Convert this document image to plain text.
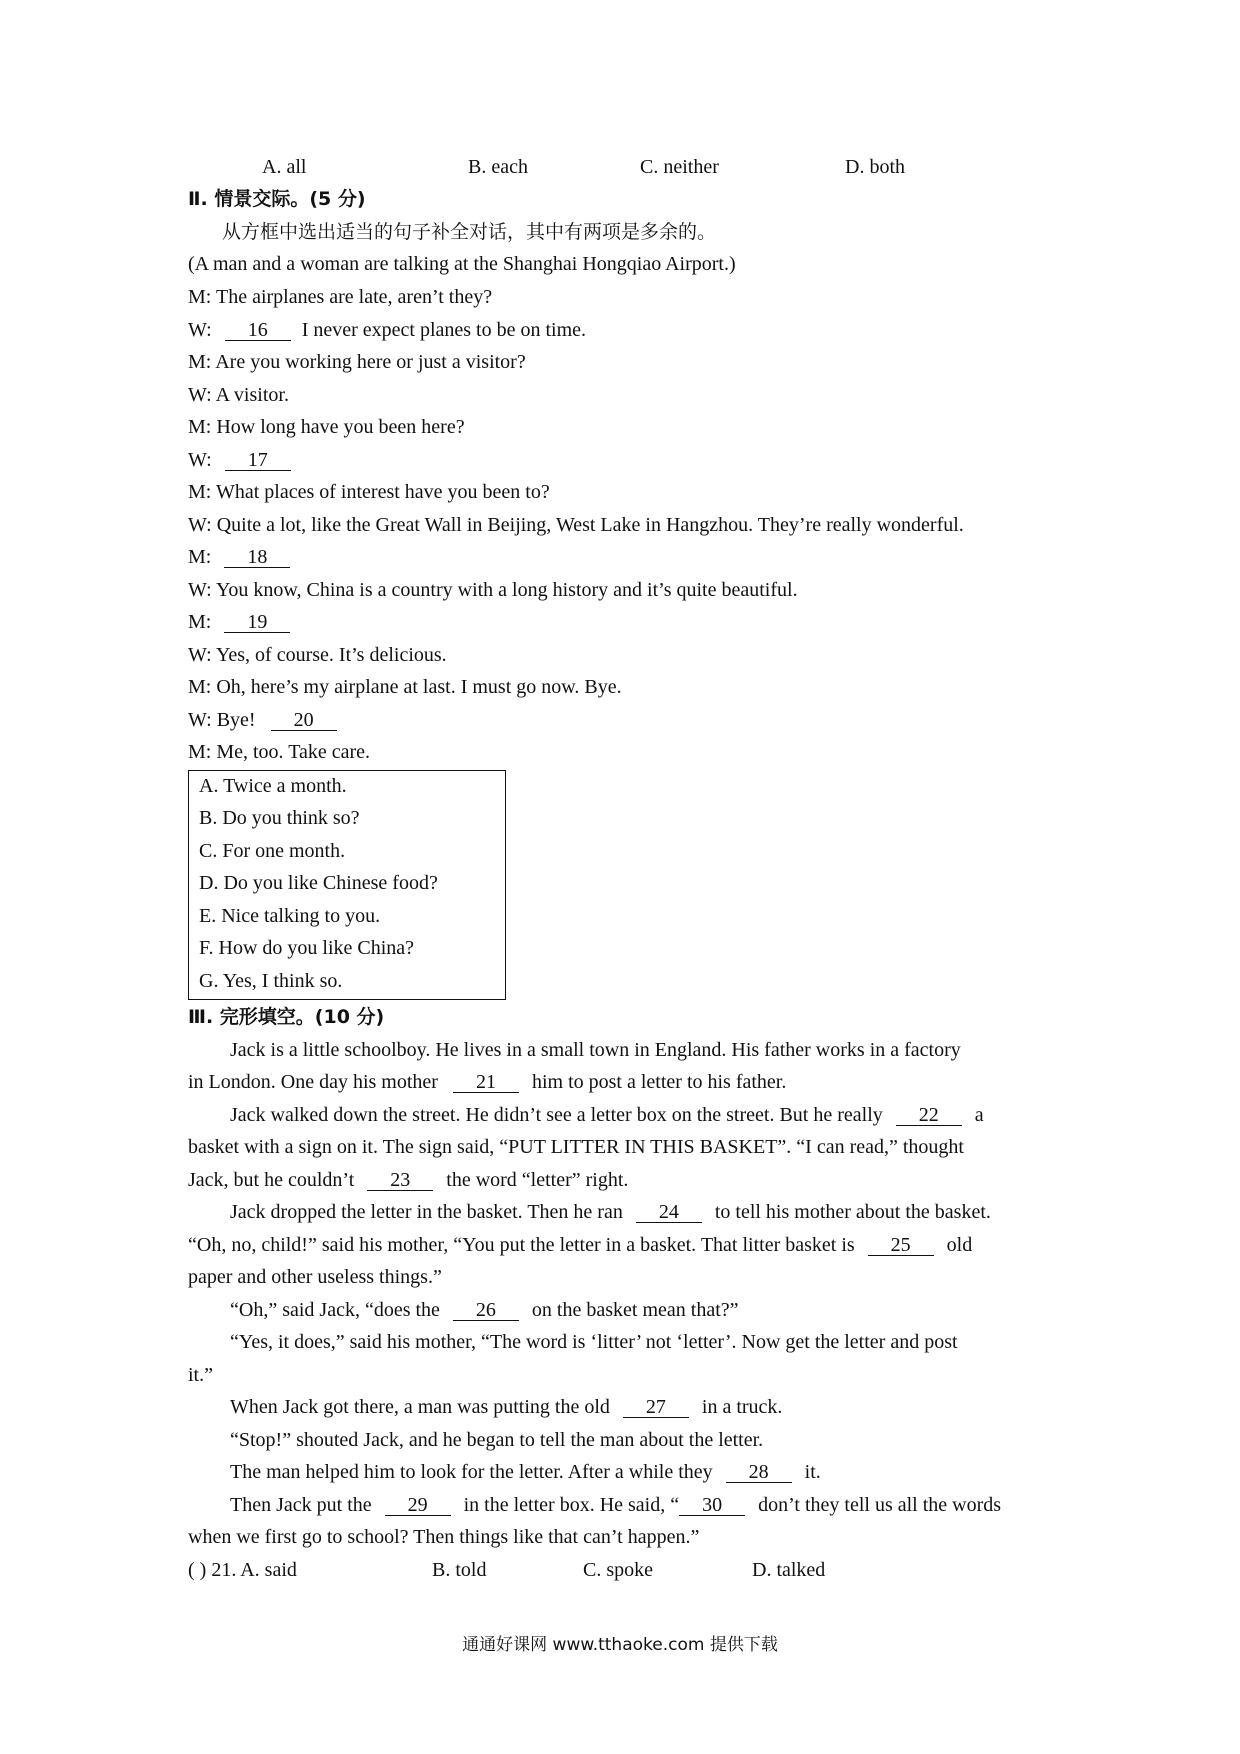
A. all	B. each	C. neither	D. both
Ⅱ. 情景交际。(5 分)
从方框中选出适当的句子补全对话，其中有两项是多余的。
(A man and a woman are talking at the Shanghai Hongqiao Airport.)
M: The airplanes are late, aren’t they?
W: 16 I never expect planes to be on time.
M: Are you working here or just a visitor?
W: A visitor.
M: How long have you been here?
W: 17
M: What places of interest have you been to?
W: Quite a lot, like the Great Wall in Beijing, West Lake in Hangzhou. They’re really wonderful.
M: 18
W: You know, China is a country with a long history and it’s quite beautiful.
M: 19
W: Yes, of course. It’s delicious.
M: Oh, here’s my airplane at last. I must go now. Bye.
W: Bye! 20
M: Me, too. Take care.
A. Twice a month.
B. Do you think so?
C. For one month.
D. Do you like Chinese food?
E. Nice talking to you.
F. How do you like China?
G. Yes, I think so.
Ⅲ. 完形填空。(10 分)
Jack is a little schoolboy. He lives in a small town in England. His father works in a factory
in London. One day his mother 21 him to post a letter to his father.
Jack walked down the street. He didn’t see a letter box on the street. But he really 22 a
basket with a sign on it. The sign said, “PUT LITTER IN THIS BASKET”. “I can read,” thought
Jack, but he couldn’t 23 the word “letter” right.
Jack dropped the letter in the basket. Then he ran 24 to tell his mother about the basket.
“Oh, no, child!” said his mother, “You put the letter in a basket. That litter basket is 25 old
paper and other useless things.”
“Oh,” said Jack, “does the 26 on the basket mean that?”
“Yes, it does,” said his mother, “The word is ‘litter’ not ‘letter’. Now get the letter and post
it.”
When Jack got there, a man was putting the old 27 in a truck.
“Stop!” shouted Jack, and he began to tell the man about the letter.
The man helped him to look for the letter. After a while they 28 it.
Then Jack put the 29 in the letter box. He said, “ 30 don’t they tell us all the words
when we first go to school? Then things like that can’t happen.”
( ) 21. A. said	B. told	C. spoke	D. talked
通通好课网 www.tthaoke.com 提供下载
